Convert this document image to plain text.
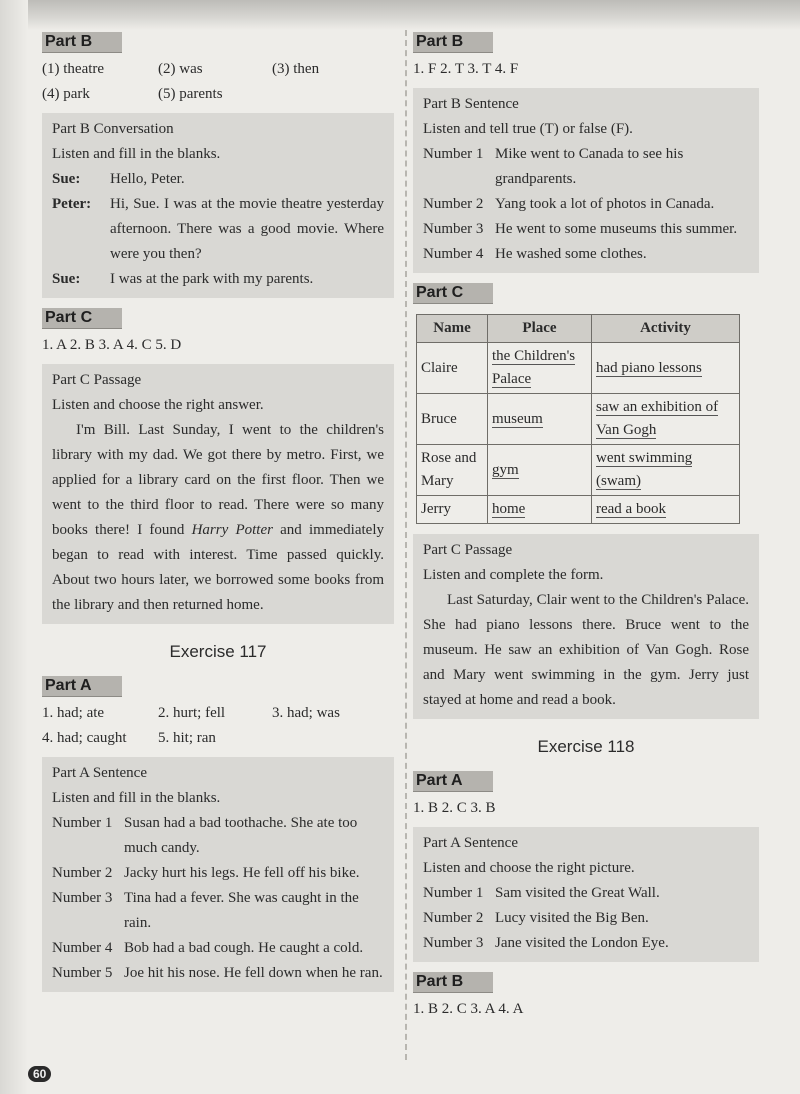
Part B
(1) theatre	(2) was	(3) then
(4) park	(5) parents

Part B Conversation

Listen and fill in the blanks.

Sue:	Hello, Peter.
Peter:	Hi, Sue. I was at the movie theatre yesterday afternoon. There was a good movie. Where were you then?
Sue:	I was at the park with my parents.
Part C
1. A 2. B 3. A 4. C 5. D

Part C Passage

Listen and choose the right answer.

I'm Bill. Last Sunday, I went to the children's library with my dad. We got there by metro. First, we applied for a library card on the first floor. Then we went to the third floor to read. There were so many books there! I found Harry Potter and immediately began to read with interest. Time passed quickly. About two hours later, we borrowed some books from the library and then returned home.

Exercise 117
Part A
1. had; ate	2. hurt; fell	3. had; was
4. had; caught	5. hit; ran

Part A Sentence

Listen and fill in the blanks.

Number 1 Susan had a bad toothache. She ate too much candy.
Number 2 Jacky hurt his legs. He fell off his bike.
Number 3 Tina had a fever. She was caught in the rain.
Number 4 Bob had a bad cough. He caught a cold.
Number 5 Joe hit his nose. He fell down when he ran.
Part B
1. F 2. T 3. T 4. F

Part B Sentence

Listen and tell true (T) or false (F).

Number 1 Mike went to Canada to see his grandparents.
Number 2 Yang took a lot of photos in Canada.
Number 3 He went to some museums this summer.
Number 4 He washed some clothes.
Part C
Name	Place	Activity
Claire	the Children's Palace	had piano lessons
Bruce	museum	saw an exhibition of Van Gogh
Rose and Mary	gym	went swimming (swam)
Jerry	home	read a book

Part C Passage

Listen and complete the form.

Last Saturday, Clair went to the Children's Palace. She had piano lessons there. Bruce went to the museum. He saw an exhibition of Van Gogh. Rose and Mary went swimming in the gym. Jerry just stayed at home and read a book.

Exercise 118
Part A
1. B 2. C 3. B

Part A Sentence

Listen and choose the right picture.

Number 1 Sam visited the Great Wall.
Number 2 Lucy visited the Big Ben.
Number 3 Jane visited the London Eye.
Part B
1. B 2. C 3. A 4. A
60
